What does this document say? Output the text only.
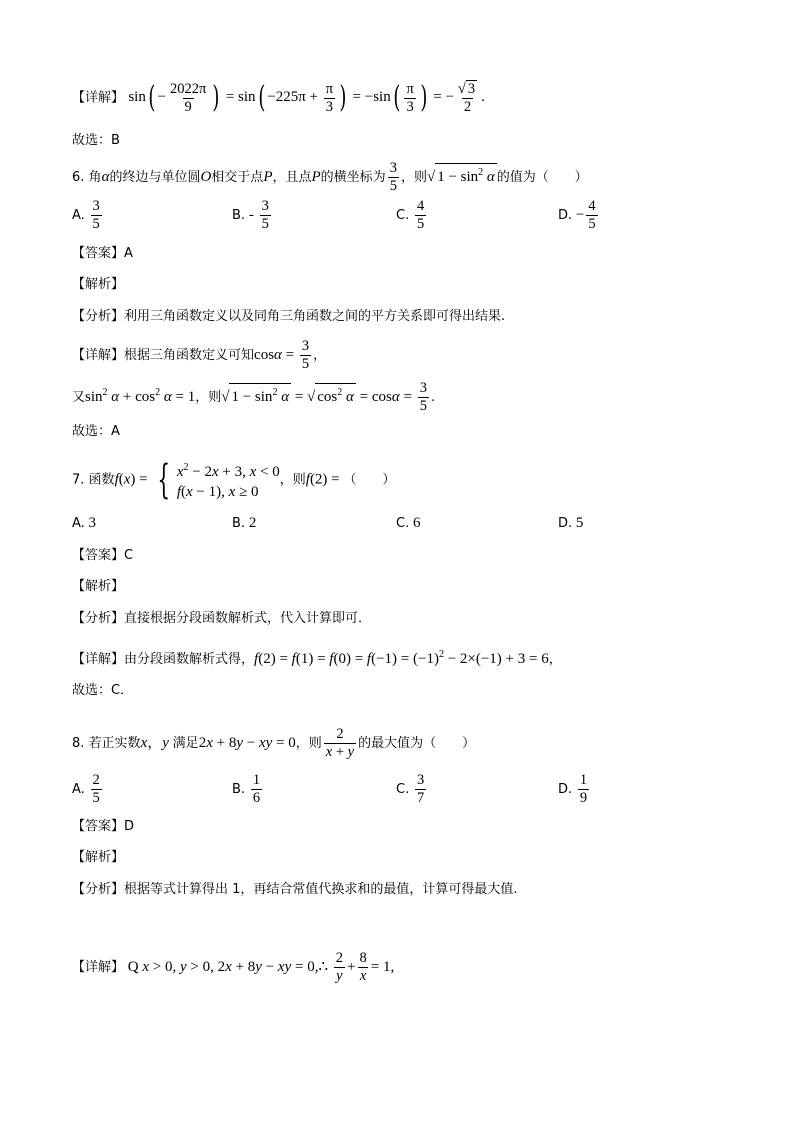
【详解】 $\sin( - \frac{2022\pi}{9}$ ) = $\sin( -225\pi + \frac{\pi}{3}$ ) = $-\sin( \frac{\pi}{3}$ ) = − $\frac{√ 3}{2}$ .
故选：B
6. 角α的终边与单位圆O相交于点P，且点P的横坐标为 $\frac{3}{5}$ ，则√ $1 - \sin^2 \alpha$ 的值为（　　）
A. $\frac{3}{5}$	B. - $\frac{3}{5}$	C. $\frac{4}{5}$	D. − $\frac{4}{5}$
【答案】A
【解析】
【分析】利用三角函数定义以及同角三角函数之间的平方关系即可得出结果.
【详解】根据三角函数定义可知$\cos\alpha = \frac{3}{5}$ ，
又$\sin^2 \alpha + \cos^2 \alpha = 1$，则√ $1 - \sin^2 \alpha$ = √ $\cos^2 \alpha = \cos\alpha = \frac{3}{5}$ .
故选：A
7. 函数f(x) = { $x^2 - 2x + 3$, x < 0
f(x − 1), x ≥ 0
，则f(2) = （　　）
A. 3	B. 2	C. 6	D. 5
【答案】C
【解析】
【分析】直接根据分段函数解析式，代入计算即可．
【详解】由分段函数解析式得，$f(2) = f(1) = f(0) = f(-1) = (-1)^2 - 2\times(-1) + 3 = 6$，
故选：C．
8. 若正实数x，y 满足2x + 8y − xy = 0，则 $\frac{2}{x + y}$ 的最大值为（　　）
A. $\frac{2}{5}$	B. $\frac{1}{6}$	C. $\frac{3}{7}$	D. $\frac{1}{9}$
【答案】D
【解析】
【分析】根据等式计算得出 1，再结合常值代换求和的最值，计算可得最大值.
【详解】 Q x > 0, y > 0, 2x + 8y − xy = 0,∴ $\frac{2}{y} + \frac{8}{x} = 1$,
